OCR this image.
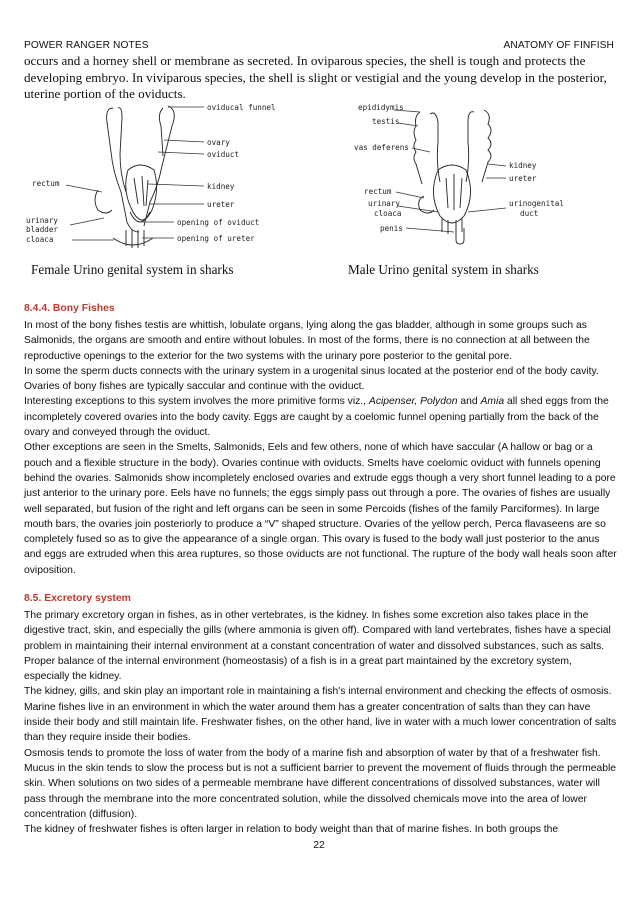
POWER RANGER NOTES	ANATOMY OF FINFISH
occurs and a horney shell or membrane as secreted. In oviparous species, the shell is tough and protects the developing embryo. In viviparous species, the shell is slight or vestigial and the young develop in the posterior, uterine portion of the oviducts.
oviducal funnel
ovary
oviduct
rectum	kidney
ureter
urinary
bladder
cloaca
opening of oviduct
opening of ureter
epididymis
testis
vas deferens
kidney
ureter
rectum
urinary
cloaca
urinogenital
duct
penis
Female Urino genital system in sharks	Male Urino genital system in sharks
8.4.4. Bony Fishes

In most of the bony fishes testis are whittish, lobulate organs, lying along the gas bladder, although in some groups such as Salmonids, the organs are smooth and entire without lobules. In most of the forms, there is no connection at all between the reproductive openings to the exterior for the two systems with the urinary pore posterior to the genital pore.

In some the sperm ducts connects with the urinary system in a urogenital sinus located at the posterior end of the body cavity. Ovaries of bony fishes are typically saccular and continue with the oviduct.

Interesting exceptions to this system involves the more primitive forms viz., Acipenser, Polydon and Amia all shed eggs from the incompletely covered ovaries into the body cavity. Eggs are caught by a coelomic funnel opening partially from the back of the ovary and conveyed through the oviduct.

Other exceptions are seen in the Smelts, Salmonids, Eels and few others, none of which have saccular (A hallow or bag or a pouch and a flexible structure in the body). Ovaries continue with oviducts. Smelts have coelomic oviduct with funnels opening behind the ovaries. Salmonids show incompletely enclosed ovaries and extrude eggs though a very short funnel leading to a pore just anterior to the urinary pore. Eels have no funnels; the eggs simply pass out through a pore. The ovaries of fishes are usually well separated, but fusion of the right and left organs can be seen in some Percoids (fishes of the family Parciformes). In large mouth bars, the ovaries join posteriorly to produce a “V” shaped structure. Ovaries of the yellow perch, Perca flavaseens are so completely fused so as to give the appearance of a single organ. This ovary is fused to the body wall just posterior to the anus and eggs are extruded when this area ruptures, so those oviducts are not functional. The rupture of the body wall heals soon after oviposition.

8.5. Excretory system

The primary excretory organ in fishes, as in other vertebrates, is the kidney. In fishes some excretion also takes place in the digestive tract, skin, and especially the gills (where ammonia is given off). Compared with land vertebrates, fishes have a special problem in maintaining their internal environment at a constant concentration of water and dissolved substances, such as salts. Proper balance of the internal environment (homeostasis) of a fish is in a great part maintained by the excretory system, especially the kidney.

The kidney, gills, and skin play an important role in maintaining a fish's internal environment and checking the effects of osmosis. Marine fishes live in an environment in which the water around them has a greater concentration of salts than they can have inside their body and still maintain life. Freshwater fishes, on the other hand, live in water with a much lower concentration of salts than they require inside their bodies.

Osmosis tends to promote the loss of water from the body of a marine fish and absorption of water by that of a freshwater fish. Mucus in the skin tends to slow the process but is not a sufficient barrier to prevent the movement of fluids through the permeable skin. When solutions on two sides of a permeable membrane have different concentrations of dissolved substances, water will pass through the membrane into the more concentrated solution, while the dissolved chemicals move into the area of lower concentration (diffusion).

The kidney of freshwater fishes is often larger in relation to body weight than that of marine fishes. In both groups the

22
